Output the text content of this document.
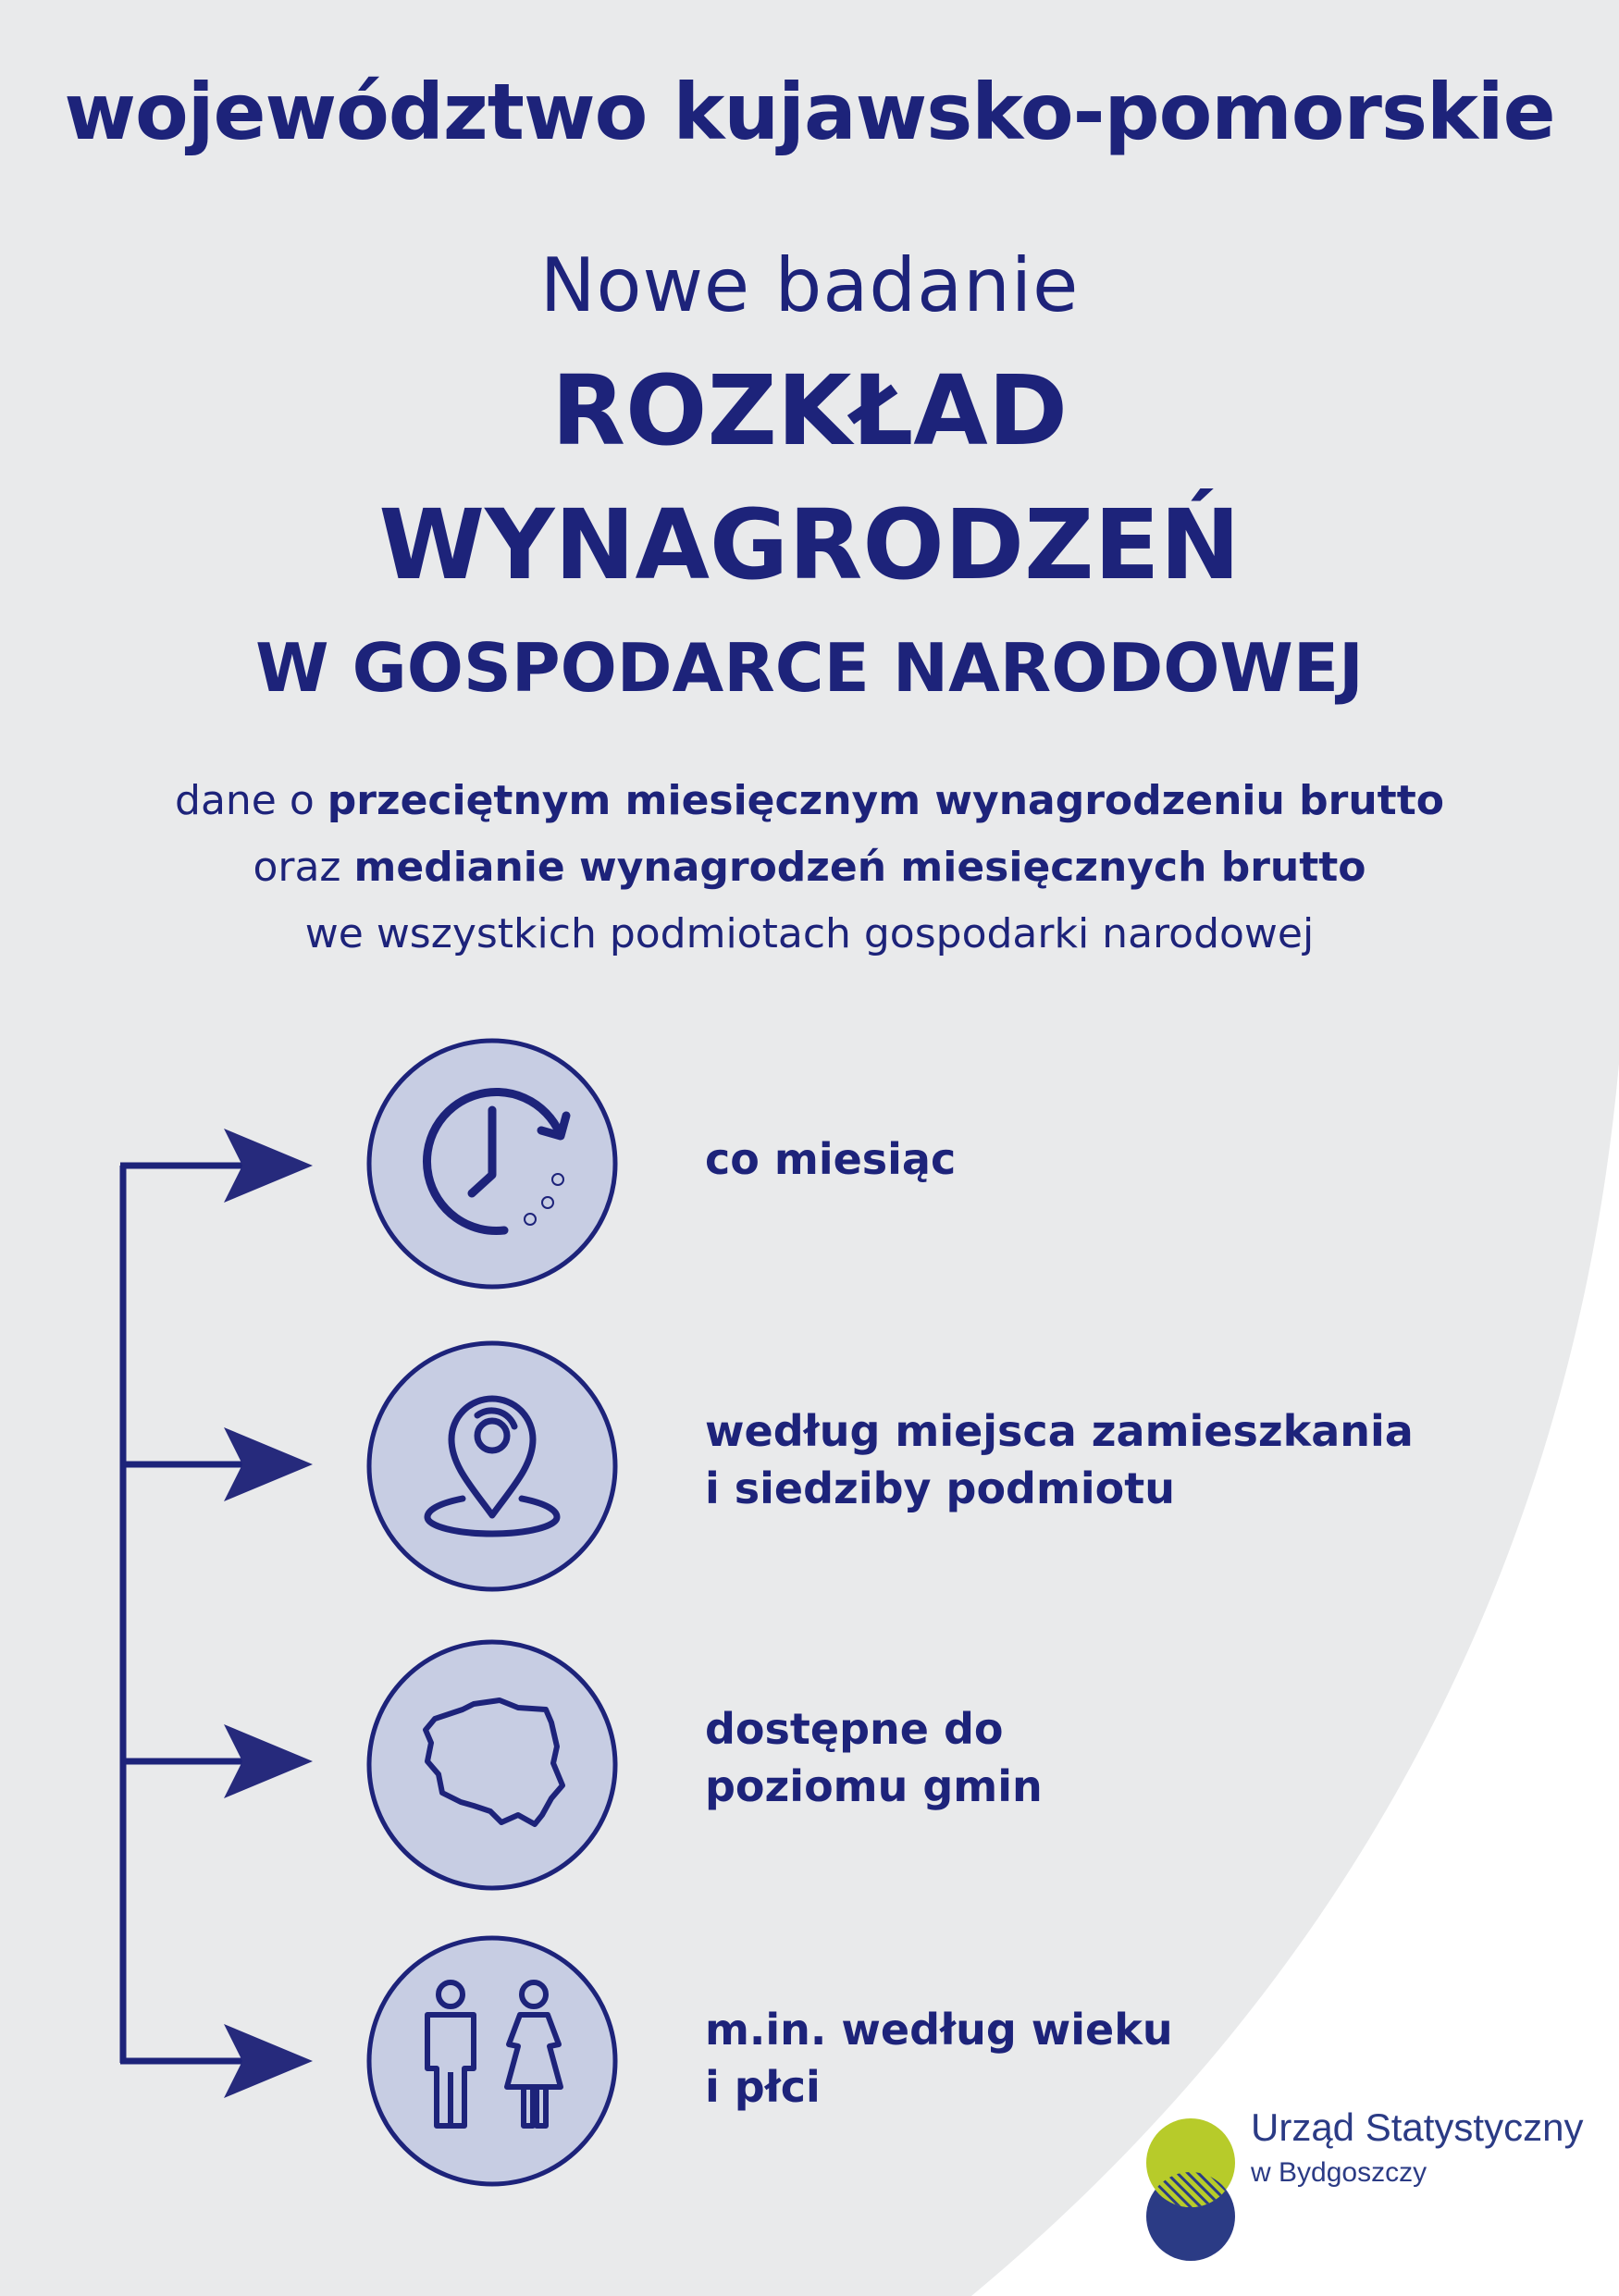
województwo kujawsko-pomorskie
Nowe badanie
ROZKŁAD
WYNAGRODZEŃ
W GOSPODARCE NARODOWEJ
dane o przeciętnym miesięcznym wynagrodzeniu brutto
oraz medianie wynagrodzeń miesięcznych brutto
we wszystkich podmiotach gospodarki narodowej
co miesiąc
według miejsca zamieszkania
i siedziby podmiotu
dostępne do
poziomu gmin
m.in. według wieku
i płci
Urząd Statystyczny
w Bydgoszczy
